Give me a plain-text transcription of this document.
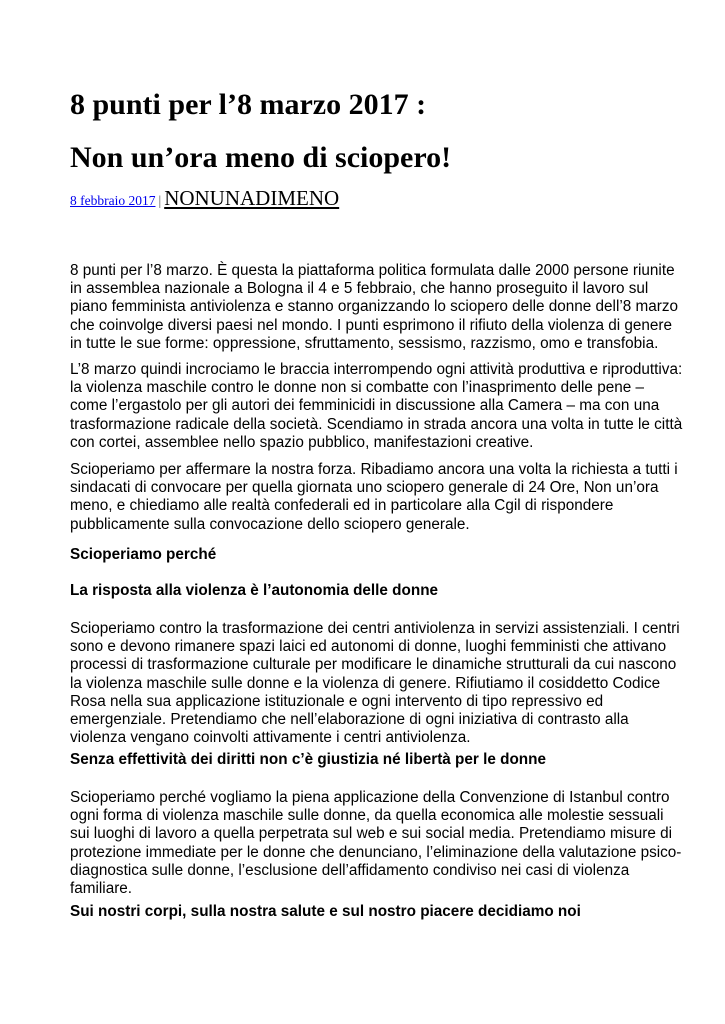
8 punti per l’8 marzo 2017 :
Non un’ora meno di sciopero!
8 febbraio 2017 | NONUNADIMENO

8 punti per l’8 marzo. È questa la piattaforma politica formulata dalle 2000 persone riunite
in assemblea nazionale a Bologna il 4 e 5 febbraio, che hanno proseguito il lavoro sul
piano femminista antiviolenza e stanno organizzando lo sciopero delle donne dell’8 marzo
che coinvolge diversi paesi nel mondo. I punti esprimono il rifiuto della violenza di genere
in tutte le sue forme: oppressione, sfruttamento, sessismo, razzismo, omo e transfobia.

L’8 marzo quindi incrociamo le braccia interrompendo ogni attività produttiva e riproduttiva:
la violenza maschile contro le donne non si combatte con l’inasprimento delle pene –
come l’ergastolo per gli autori dei femminicidi in discussione alla Camera – ma con una
trasformazione radicale della società. Scendiamo in strada ancora una volta in tutte le città
con cortei, assemblee nello spazio pubblico, manifestazioni creative.

Scioperiamo per affermare la nostra forza. Ribadiamo ancora una volta la richiesta a tutti i
sindacati di convocare per quella giornata uno sciopero generale di 24 Ore, Non un’ora
meno, e chiediamo alle realtà confederali ed in particolare alla Cgil di rispondere
pubblicamente sulla convocazione dello sciopero generale.

Scioperiamo perché
La risposta alla violenza è l’autonomia delle donne

Scioperiamo contro la trasformazione dei centri antiviolenza in servizi assistenziali. I centri
sono e devono rimanere spazi laici ed autonomi di donne, luoghi femministi che attivano
processi di trasformazione culturale per modificare le dinamiche strutturali da cui nascono
la violenza maschile sulle donne e la violenza di genere. Rifiutiamo il cosiddetto Codice
Rosa nella sua applicazione istituzionale e ogni intervento di tipo repressivo ed
emergenziale. Pretendiamo che nell’elaborazione di ogni iniziativa di contrasto alla
violenza vengano coinvolti attivamente i centri antiviolenza.

Senza effettività dei diritti non c’è giustizia né libertà per le donne

Scioperiamo perché vogliamo la piena applicazione della Convenzione di Istanbul contro
ogni forma di violenza maschile sulle donne, da quella economica alle molestie sessuali
sui luoghi di lavoro a quella perpetrata sul web e sui social media. Pretendiamo misure di
protezione immediate per le donne che denunciano, l’eliminazione della valutazione psico-
diagnostica sulle donne, l’esclusione dell’affidamento condiviso nei casi di violenza
familiare.

Sui nostri corpi, sulla nostra salute e sul nostro piacere decidiamo noi
